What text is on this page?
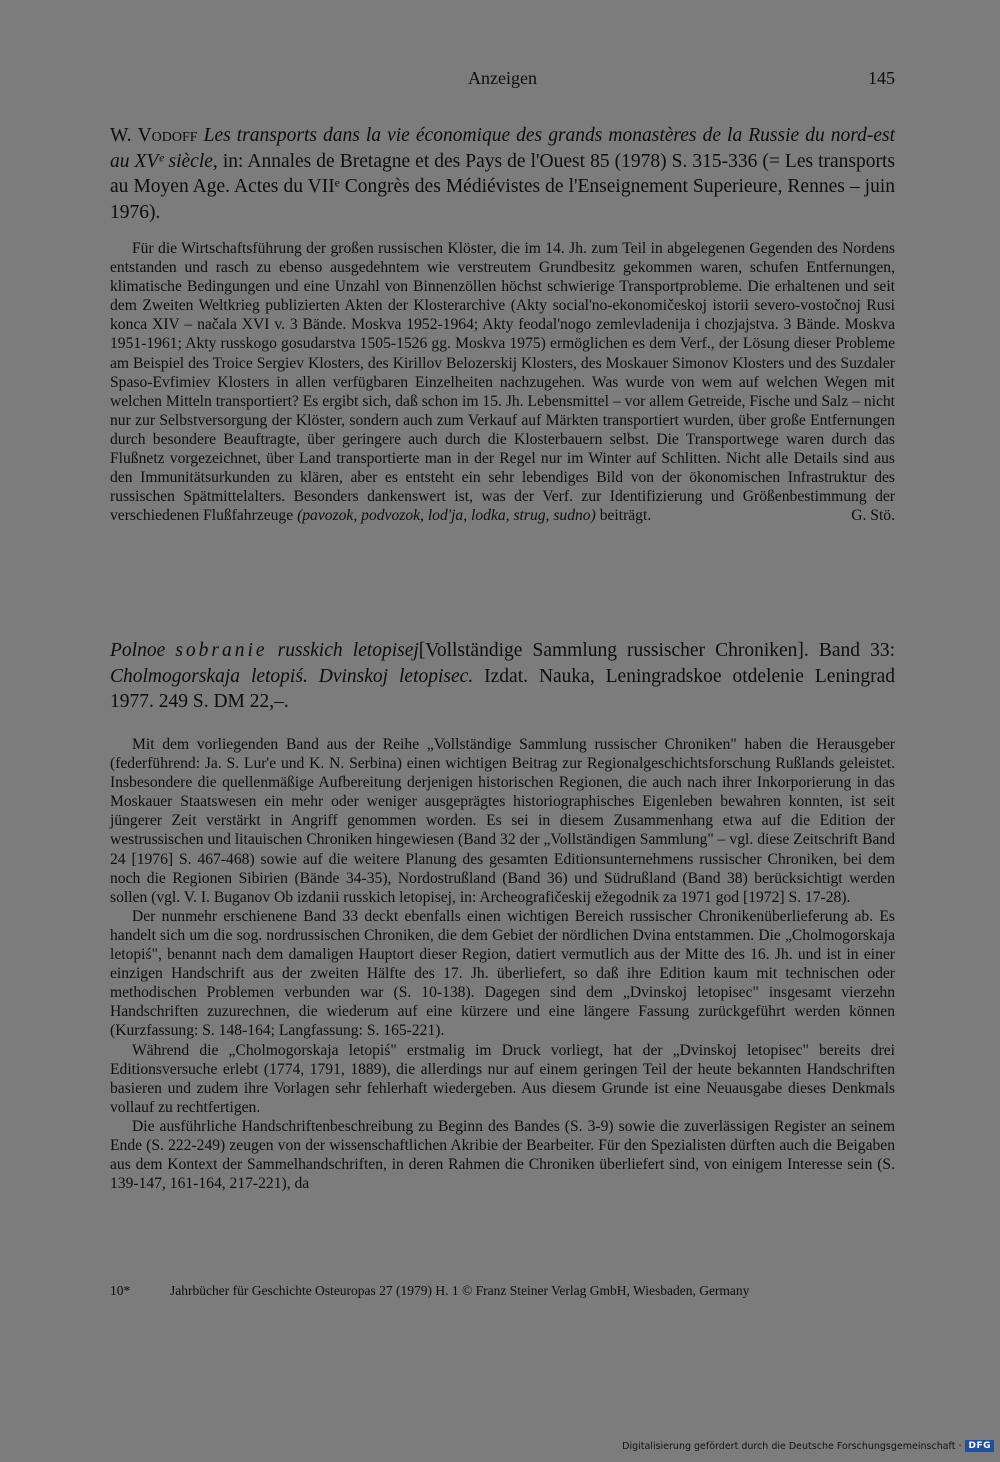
Anzeigen	145
W. Vodoff Les transports dans la vie économique des grands monastères de la Russie du nord-est au XVᵉ siècle, in: Annales de Bretagne et des Pays de l'Ouest 85 (1978) S. 315-336 (= Les transports au Moyen Age. Actes du VIIᵉ Congrès des Médiévistes de l'Enseignement Superieure, Rennes – juin 1976).

Für die Wirtschaftsführung der großen russischen Klöster, die im 14. Jh. zum Teil in abgelegenen Gegenden des Nordens entstanden und rasch zu ebenso ausgedehntem wie verstreutem Grundbesitz gekommen waren, schufen Entfernungen, klimatische Bedingungen und eine Unzahl von Binnenzöllen höchst schwierige Transportprobleme. Die erhaltenen und seit dem Zweiten Weltkrieg publizierten Akten der Klosterarchive (Akty social'no-ekonomičeskoj istorii severo-vostočnoj Rusi konca XIV – načala XVI v. 3 Bände. Moskva 1952-1964; Akty feodal'nogo zemlevladenija i chozjajstva. 3 Bände. Moskva 1951-1961; Akty russkogo gosudarstva 1505-1526 gg. Moskva 1975) ermöglichen es dem Verf., der Lösung dieser Probleme am Beispiel des Troice Sergiev Klosters, des Kirillov Belozerskij Klosters, des Moskauer Simonov Klosters und des Suzdaler Spaso-Evfimiev Klosters in allen verfügbaren Einzelheiten nachzugehen. Was wurde von wem auf welchen Wegen mit welchen Mitteln transportiert? Es ergibt sich, daß schon im 15. Jh. Lebensmittel – vor allem Getreide, Fische und Salz – nicht nur zur Selbstversorgung der Klöster, sondern auch zum Verkauf auf Märkten transportiert wurden, über große Entfernungen durch besondere Beauftragte, über geringere auch durch die Klosterbauern selbst. Die Transportwege waren durch das Flußnetz vorgezeichnet, über Land transportierte man in der Regel nur im Winter auf Schlitten. Nicht alle Details sind aus den Immunitätsurkunden zu klären, aber es entsteht ein sehr lebendiges Bild von der ökonomischen Infrastruktur des russischen Spätmittelalters. Besonders dankenswert ist, was der Verf. zur Identifizierung und Größenbestimmung der verschiedenen Flußfahrzeuge (pavozok, podvozok, lod'ja, lodka, strug, sudno) beiträgt.	G. Stö.

Polnoe sobranie russkich letopisej[Vollständige Sammlung russischer Chroniken]. Band 33: Cholmogorskaja letopiś. Dvinskoj letopisec. Izdat. Nauka, Leningradskoe otdelenie Leningrad 1977. 249 S. DM 22,–.

Mit dem vorliegenden Band aus der Reihe „Vollständige Sammlung russischer Chroniken" haben die Herausgeber (federführend: Ja. S. Lur'e und K. N. Serbina) einen wichtigen Beitrag zur Regionalgeschichtsforschung Rußlands geleistet. Insbesondere die quellenmäßige Aufbereitung derjenigen historischen Regionen, die auch nach ihrer Inkorporierung in das Moskauer Staatswesen ein mehr oder weniger ausgeprägtes historiographisches Eigenleben bewahren konnten, ist seit jüngerer Zeit verstärkt in Angriff genommen worden. Es sei in diesem Zusammenhang etwa auf die Edition der westrussischen und litauischen Chroniken hingewiesen (Band 32 der „Vollständigen Sammlung" – vgl. diese Zeitschrift Band 24 [1976] S. 467-468) sowie auf die weitere Planung des gesamten Editionsunternehmens russischer Chroniken, bei dem noch die Regionen Sibirien (Bände 34-35), Nordostrußland (Band 36) und Südrußland (Band 38) berücksichtigt werden sollen (vgl. V. I. Buganov Ob izdanii russkich letopisej, in: Archeografičeskij ežegodnik za 1971 god [1972] S. 17-28).

Der nunmehr erschienene Band 33 deckt ebenfalls einen wichtigen Bereich russischer Chronikenüberlieferung ab. Es handelt sich um die sog. nordrussischen Chroniken, die dem Gebiet der nördlichen Dvina entstammen. Die „Cholmogorskaja letopiś", benannt nach dem damaligen Hauptort dieser Region, datiert vermutlich aus der Mitte des 16. Jh. und ist in einer einzigen Handschrift aus der zweiten Hälfte des 17. Jh. überliefert, so daß ihre Edition kaum mit technischen oder methodischen Problemen verbunden war (S. 10-138). Dagegen sind dem „Dvinskoj letopisec" insgesamt vierzehn Handschriften zuzurechnen, die wiederum auf eine kürzere und eine längere Fassung zurückgeführt werden können (Kurzfassung: S. 148-164; Langfassung: S. 165-221).

Während die „Cholmogorskaja letopiś" erstmalig im Druck vorliegt, hat der „Dvinskoj letopisec" bereits drei Editionsversuche erlebt (1774, 1791, 1889), die allerdings nur auf einem geringen Teil der heute bekannten Handschriften basieren und zudem ihre Vorlagen sehr fehlerhaft wiedergeben. Aus diesem Grunde ist eine Neuausgabe dieses Denkmals vollauf zu rechtfertigen.

Die ausführliche Handschriftenbeschreibung zu Beginn des Bandes (S. 3-9) sowie die zuverlässigen Register an seinem Ende (S. 222-249) zeugen von der wissenschaftlichen Akribie der Bearbeiter. Für den Spezialisten dürften auch die Beigaben aus dem Kontext der Sammelhandschriften, in deren Rahmen die Chroniken überliefert sind, von einigem Interesse sein (S. 139-147, 161-164, 217-221), da

10*	Jahrbücher für Geschichte Osteuropas 27 (1979) H. 1 © Franz Steiner Verlag GmbH, Wiesbaden, Germany
Digitalisierung gefördert durch die Deutsche Forschungsgemeinschaft · DFG
